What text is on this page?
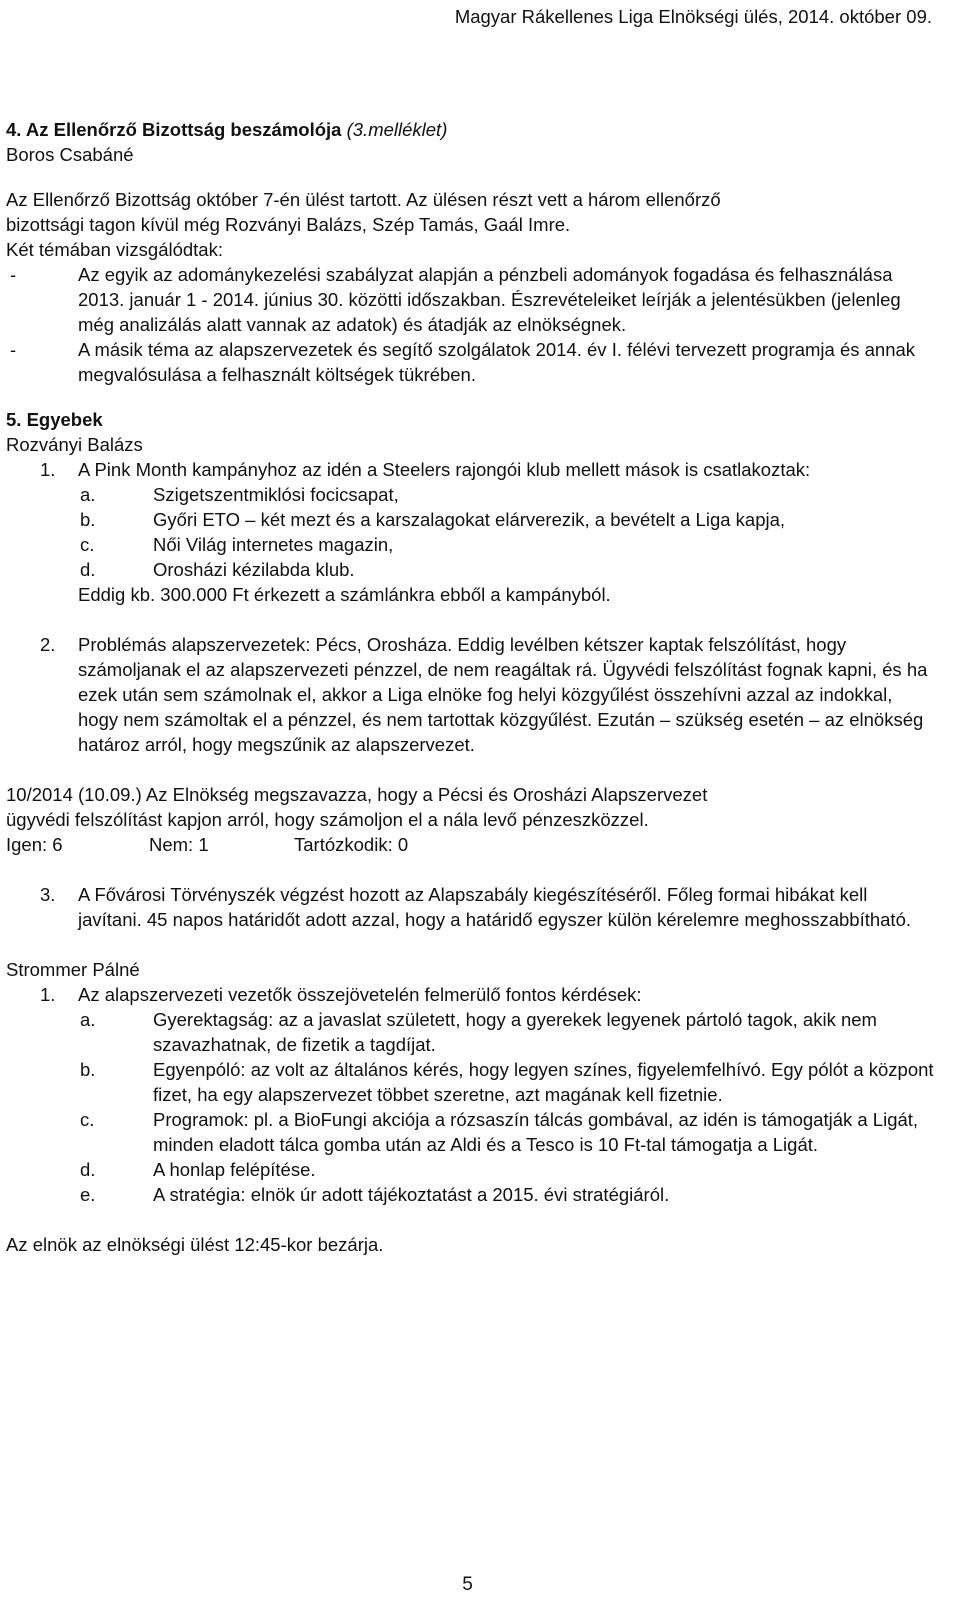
Magyar Rákellenes Liga Elnökségi ülés, 2014. október 09.

4. Az Ellenőrző Bizottság beszámolója (3.melléklet)

Boros Csabáné

Az Ellenőrző Bizottság október 7-én ülést tartott. Az ülésen részt vett a három ellenőrző

bizottsági tagon kívül még Rozványi Balázs, Szép Tamás, Gaál Imre.

Két témában vizsgálódtak:

-	Az egyik az adománykezelési szabályzat alapján a pénzbeli adományok fogadása és felhasználása 2013. január 1 - 2014. június 30. közötti időszakban. Észrevételeiket leírják a jelentésükben (jelenleg még analizálás alatt vannak az adatok) és átadják az elnökségnek.
-	A másik téma az alapszervezetek és segítő szolgálatok 2014. év I. félévi tervezett programja és annak megvalósulása a felhasznált költségek tükrében.

5. Egyebek

Rozványi Balázs

1.	A Pink Month kampányhoz az idén a Steelers rajongói klub mellett mások is csatlakoztak:
a.	Szigetszentmiklósi focicsapat,
b.	Győri ETO – két mezt és a karszalagokat elárverezik, a bevételt a Liga kapja,
c.	Női Világ internetes magazin,
d.	Orosházi kézilabda klub.

Eddig kb. 300.000 Ft érkezett a számlánkra ebből a kampányból.

2.	Problémás alapszervezetek: Pécs, Orosháza. Eddig levélben kétszer kaptak felszólítást, hogy számoljanak el az alapszervezeti pénzzel, de nem reagáltak rá. Ügyvédi felszólítást fognak kapni, és ha ezek után sem számolnak el, akkor a Liga elnöke fog helyi közgyűlést összehívni azzal az indokkal, hogy nem számoltak el a pénzzel, és nem tartottak közgyűlést. Ezután – szükség esetén – az elnökség határoz arról, hogy megszűnik az alapszervezet.

10/2014 (10.09.) Az Elnökség megszavazza, hogy a Pécsi és Orosházi Alapszervezet

ügyvédi felszólítást kapjon arról, hogy számoljon el a nála levő pénzeszközzel.

Igen: 6	Nem: 1	Tartózkodik: 0
3.	A Fővárosi Törvényszék végzést hozott az Alapszabály kiegészítéséről. Főleg formai hibákat kell javítani. 45 napos határidőt adott azzal, hogy a határidő egyszer külön kérelemre meghosszabbítható.

Strommer Pálné

1.	Az alapszervezeti vezetők összejövetelén felmerülő fontos kérdések:
a.	Gyerektagság: az a javaslat született, hogy a gyerekek legyenek pártoló tagok, akik nem szavazhatnak, de fizetik a tagdíjat.
b.	Egyenpóló: az volt az általános kérés, hogy legyen színes, figyelemfelhívó. Egy pólót a központ fizet, ha egy alapszervezet többet szeretne, azt magának kell fizetnie.
c.	Programok: pl. a BioFungi akciója a rózsaszín tálcás gombával, az idén is támogatják a Ligát, minden eladott tálca gomba után az Aldi és a Tesco is 10 Ft-tal támogatja a Ligát.
d.	A honlap felépítése.
e.	A stratégia: elnök úr adott tájékoztatást a 2015. évi stratégiáról.

Az elnök az elnökségi ülést 12:45-kor bezárja.

5
